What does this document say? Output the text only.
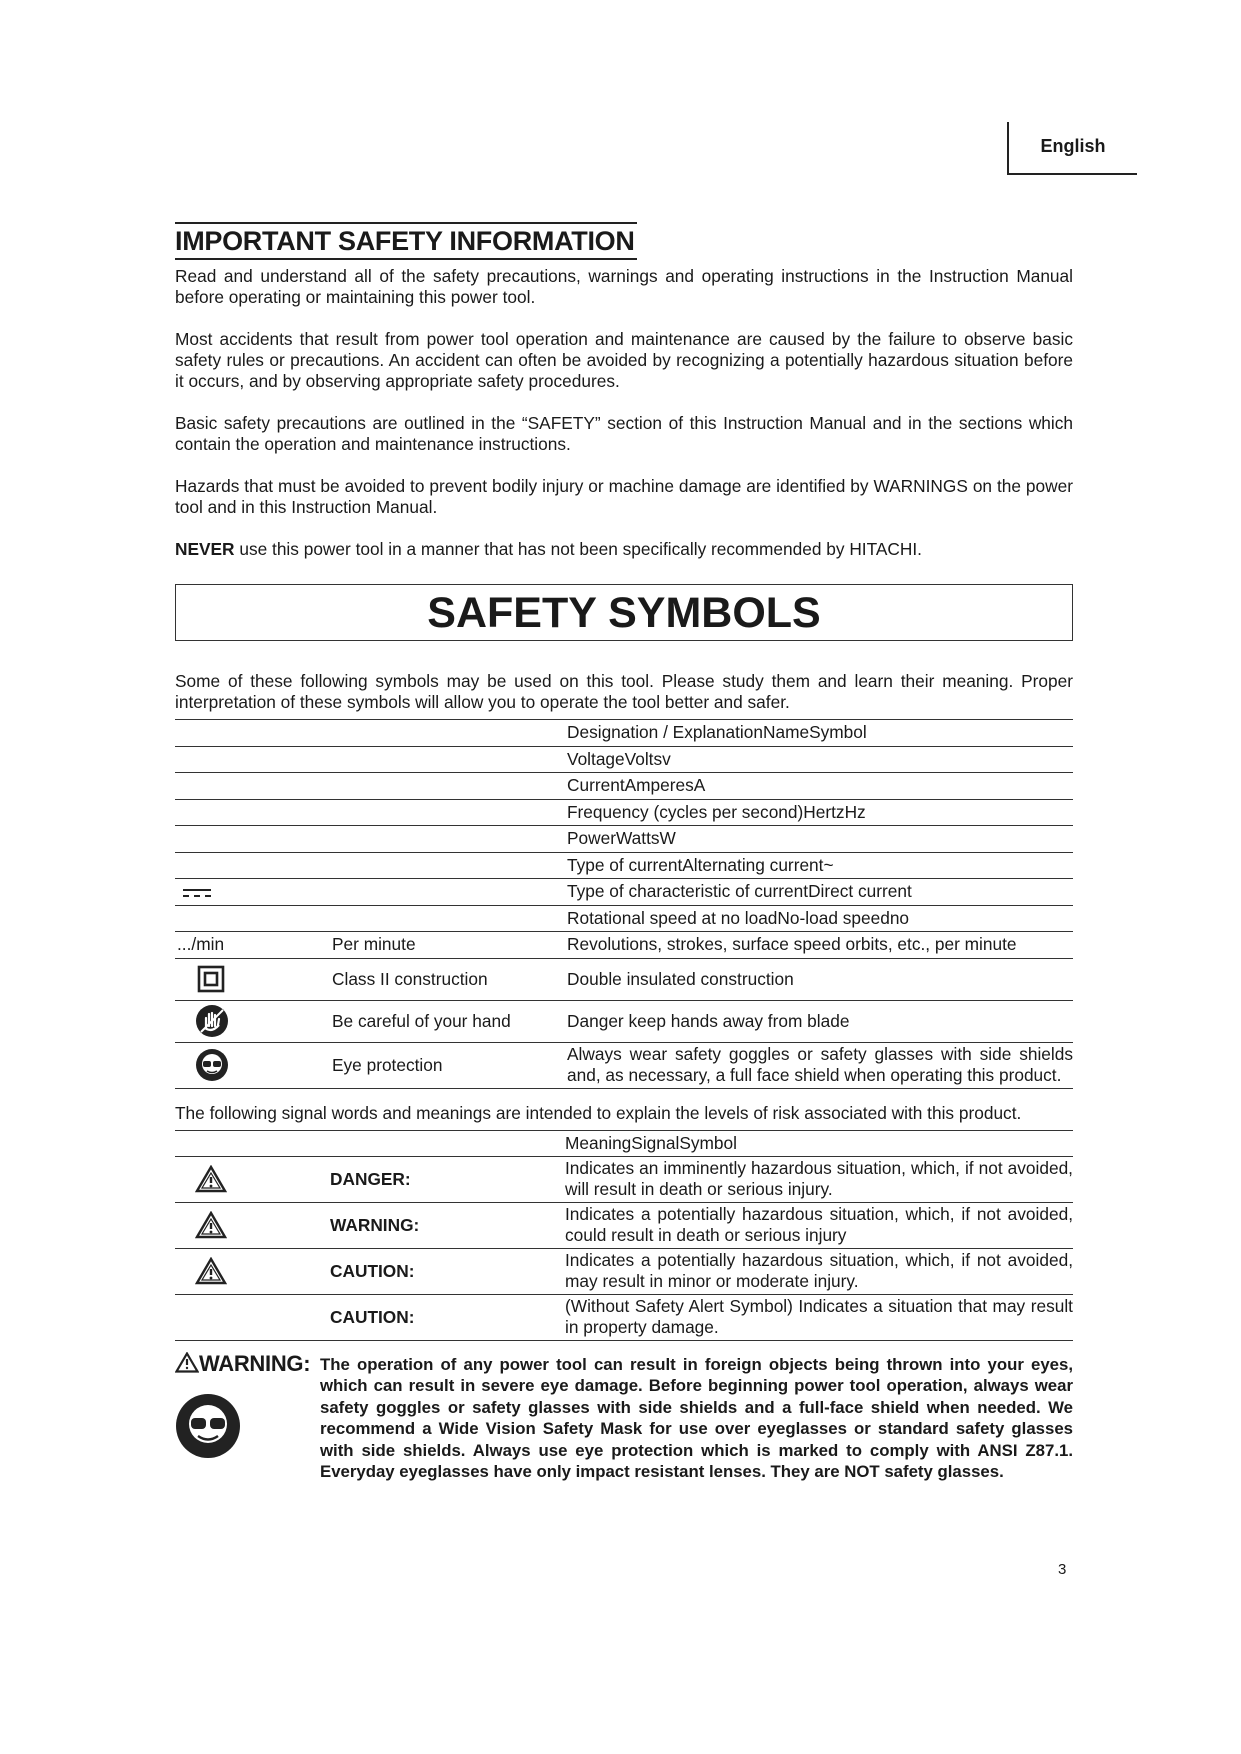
English
IMPORTANT SAFETY INFORMATION

Read and understand all of the safety precautions, warnings and operating instructions in the Instruction Manual before operating or maintaining this power tool.

Most accidents that result from power tool operation and maintenance are caused by the failure to observe basic safety rules or precautions. An accident can often be avoided by recognizing a potentially hazardous situation before it occurs, and by observing appropriate safety procedures.

Basic safety precautions are outlined in the “SAFETY” section of this Instruction Manual and in the sections which contain the operation and maintenance instructions.

Hazards that must be avoided to prevent bodily injury or machine damage are identified by WARNINGS on the power tool and in this Instruction Manual.

NEVER use this power tool in a manner that has not been specifically recommended by HITACHI.

SAFETY SYMBOLS

Some of these following symbols may be used on this tool. Please study them and learn their meaning. Proper interpretation of these symbols will allow you to operate the tool better and safer.

		Designation / ExplanationNameSymbol
		VoltageVoltsv
		CurrentAmperesA
		Frequency (cycles per second)HertzHz
		PowerWattsW
		Type of currentAlternating current~
		Type of characteristic of currentDirect current
		Rotational speed at no loadNo-load speedno
.../min	Per minute	Revolutions, strokes, surface speed orbits, etc., per minute
	Class II construction	Double insulated construction
	Be careful of your hand	Danger keep hands away from blade
	Eye protection	Always wear safety goggles or safety glasses with side shields and, as necessary, a full face shield when operating this product.

The following signal words and meanings are intended to explain the levels of risk associated with this product.

		MeaningSignalSymbol
	DANGER:	Indicates an imminently hazardous situation, which, if not avoided, will result in death or serious injury.
	WARNING:	Indicates a potentially hazardous situation, which, if not avoided, could result in death or serious injury
	CAUTION:	Indicates a potentially hazardous situation, which, if not avoided, may result in minor or moderate injury.
	CAUTION:	(Without Safety Alert Symbol) Indicates a situation that may result in property damage.
WARNING: The operation of any power tool can result in foreign objects being thrown into your eyes, which can result in severe eye damage. Before beginning power tool operation, always wear safety goggles or safety glasses with side shields and a full-face shield when needed. We recommend a Wide Vision Safety Mask for use over eyeglasses or standard safety glasses with side shields. Always use eye protection which is marked to comply with ANSI Z87.1. Everyday eyeglasses have only impact resistant lenses. They are NOT safety glasses.
3
